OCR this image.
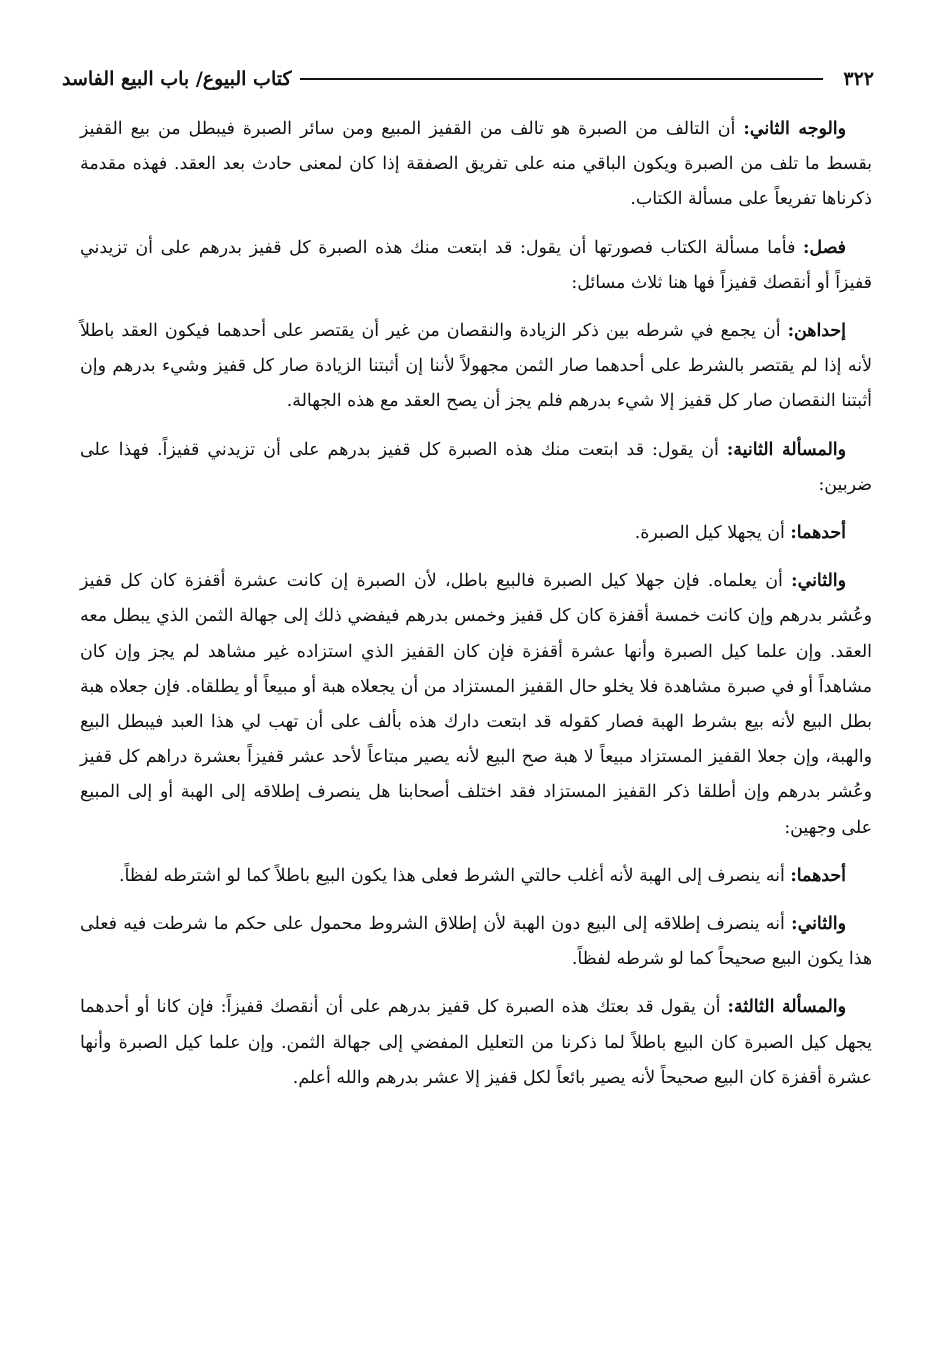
٣٢٢
كتاب البيوع/ باب البيع الفاسد

والوجه الثاني: أن التالف من الصبرة هو تالف من القفيز المبيع ومن سائر الصبرة فيبطل من بيع القفيز بقسط ما تلف من الصبرة ويكون الباقي منه على تفريق الصفقة إذا كان لمعنى حادث بعد العقد. فهذه مقدمة ذكرناها تفريعاً على مسألة الكتاب.

فصل: فأما مسألة الكتاب فصورتها أن يقول: قد ابتعت منك هذه الصبرة كل قفيز بدرهم على أن تزيدني قفيزاً أو أنقصك قفيزاً فها هنا ثلاث مسائل:

إحداهن: أن يجمع في شرطه بين ذكر الزيادة والنقصان من غير أن يقتصر على أحدهما فيكون العقد باطلاً لأنه إذا لم يقتصر بالشرط على أحدهما صار الثمن مجهولاً لأننا إن أثبتنا الزيادة صار كل قفيز وشيء بدرهم وإن أثبتنا النقصان صار كل قفيز إلا شيء بدرهم فلم يجز أن يصح العقد مع هذه الجهالة.

والمسألة الثانية: أن يقول: قد ابتعت منك هذه الصبرة كل قفيز بدرهم على أن تزيدني قفيزاً. فهذا على ضربين:

أحدهما: أن يجهلا كيل الصبرة.

والثاني: أن يعلماه. فإن جهلا كيل الصبرة فالبيع باطل، لأن الصبرة إن كانت عشرة أقفزة كان كل قفيز وعُشر بدرهم وإن كانت خمسة أقفزة كان كل قفيز وخمس بدرهم فيفضي ذلك إلى جهالة الثمن الذي يبطل معه العقد. وإن علما كيل الصبرة وأنها عشرة أقفزة فإن كان القفيز الذي استزاده غير مشاهد لم يجز وإن كان مشاهداً أو في صبرة مشاهدة فلا يخلو حال القفيز المستزاد من أن يجعلاه هبة أو مبيعاً أو يطلقاه. فإن جعلاه هبة بطل البيع لأنه بيع بشرط الهبة فصار كقوله قد ابتعت دارك هذه بألف على أن تهب لي هذا العبد فيبطل البيع والهبة، وإن جعلا القفيز المستزاد مبيعاً لا هبة صح البيع لأنه يصير مبتاعاً لأحد عشر قفيزاً بعشرة دراهم كل قفيز وعُشر بدرهم وإن أطلقا ذكر القفيز المستزاد فقد اختلف أصحابنا هل ينصرف إطلاقه إلى الهبة أو إلى المبيع على وجهين:

أحدهما: أنه ينصرف إلى الهبة لأنه أغلب حالتي الشرط فعلى هذا يكون البيع باطلاً كما لو اشترطه لفظاً.

والثاني: أنه ينصرف إطلاقه إلى البيع دون الهبة لأن إطلاق الشروط محمول على حكم ما شرطت فيه فعلى هذا يكون البيع صحيحاً كما لو شرطه لفظاً.

والمسألة الثالثة: أن يقول قد بعتك هذه الصبرة كل قفيز بدرهم على أن أنقصك قفيزاً: فإن كانا أو أحدهما يجهل كيل الصبرة كان البيع باطلاً لما ذكرنا من التعليل المفضي إلى جهالة الثمن. وإن علما كيل الصبرة وأنها عشرة أقفزة كان البيع صحيحاً لأنه يصير بائعاً لكل قفيز إلا عشر بدرهم والله أعلم.
